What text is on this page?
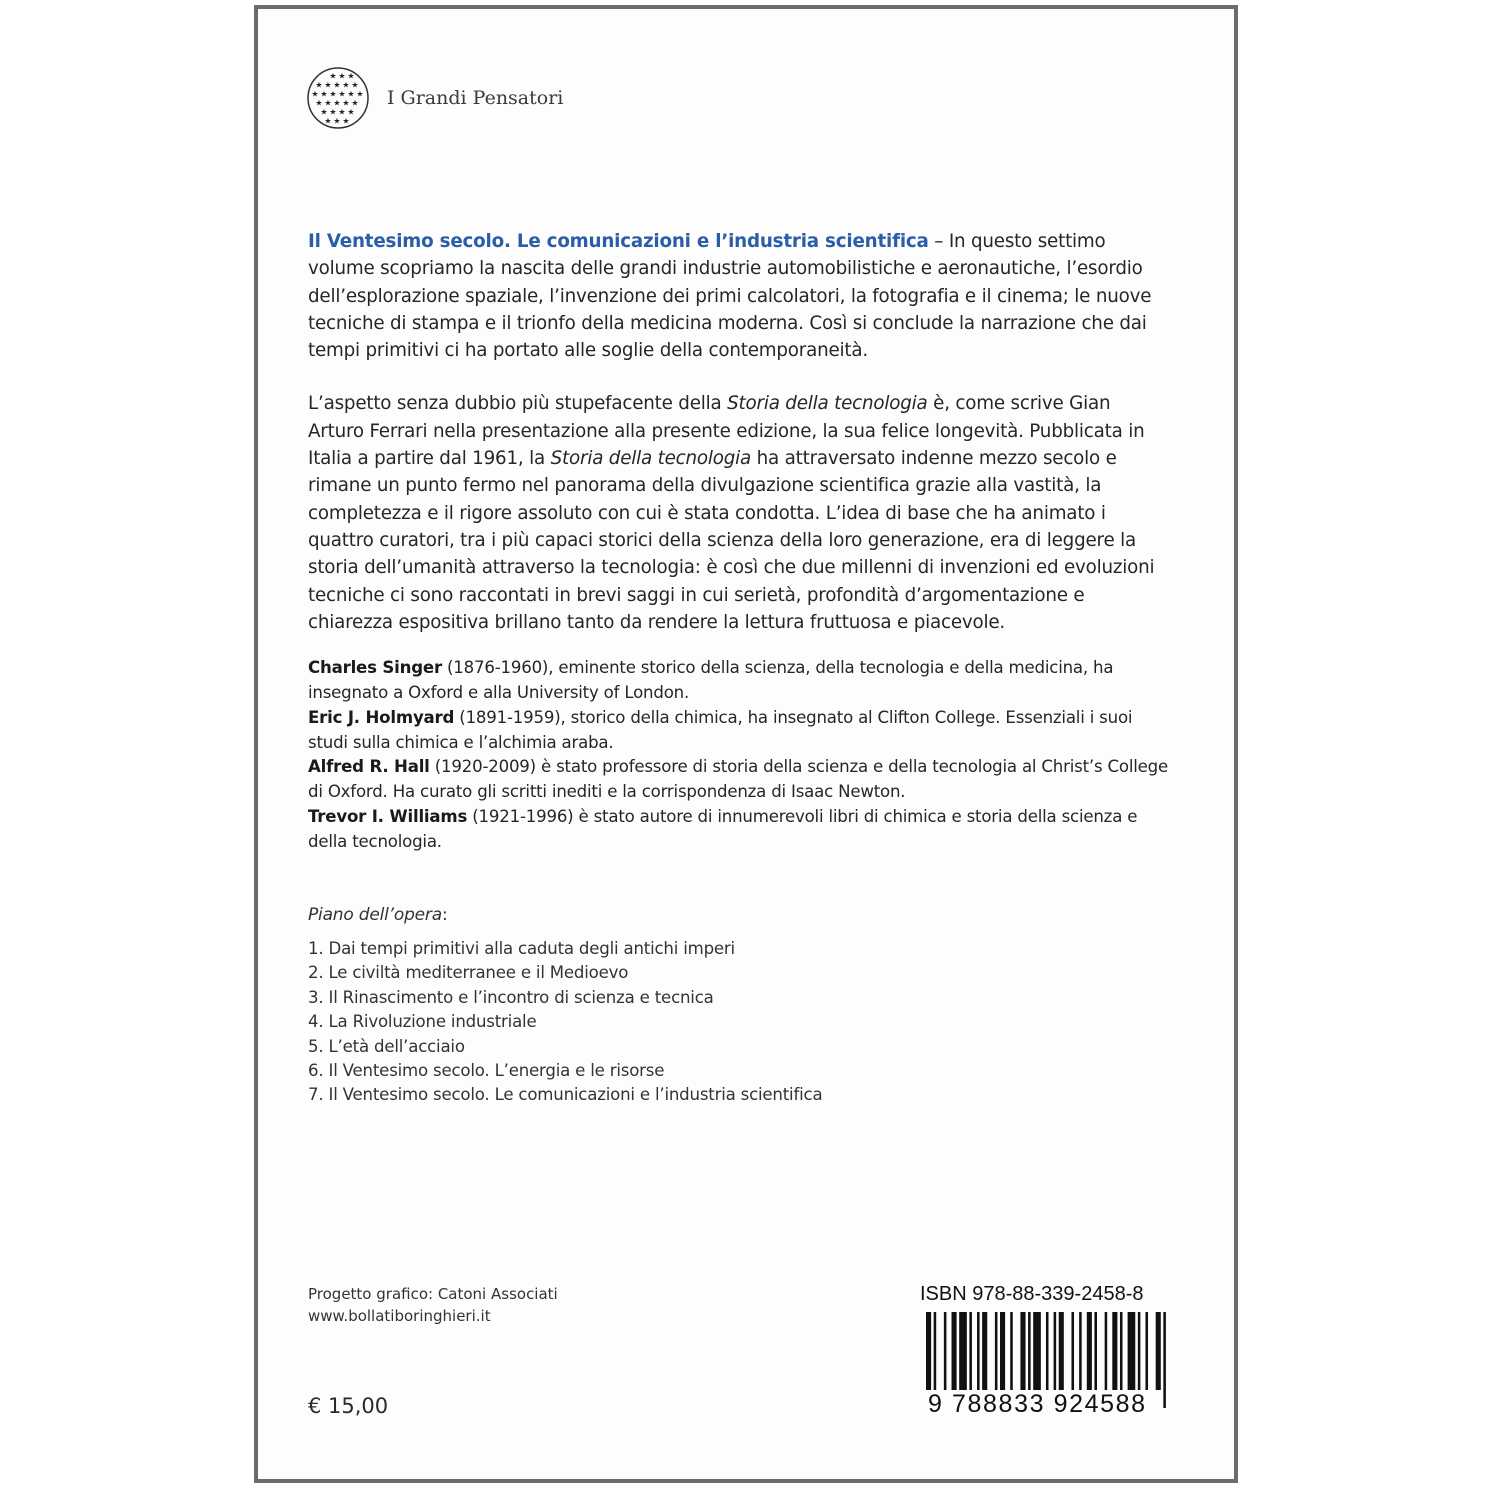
★ ★ ★
★ ★ ★ ★ ★
★ ★ ★ ★ ★ ★
★ ★ ★ ★ ★
★ ★ ★ ★
★ ★ ★
I Grandi Pensatori

Il Ventesimo secolo. Le comunicazioni e l’industria scientifica – In questo settimo volume scopriamo la nascita delle grandi industrie automobilistiche e aeronautiche, l’esordio dell’esplorazione spaziale, l’invenzione dei primi calcolatori, la fotografia e il cinema; le nuove tecniche di stampa e il trionfo della medicina moderna. Così si conclude la narrazione che dai tempi primitivi ci ha portato alle soglie della contemporaneità.

L’aspetto senza dubbio più stupefacente della Storia della tecnologia è, come scrive Gian Arturo Ferrari nella presentazione alla presente edizione, la sua felice longevità. Pubblicata in Italia a partire dal 1961, la Storia della tecnologia ha attraversato indenne mezzo secolo e rimane un punto fermo nel panorama della divulgazione scientifica grazie alla vastità, la completezza e il rigore assoluto con cui è stata condotta. L’idea di base che ha animato i quattro curatori, tra i più capaci storici della scienza della loro generazione, era di leggere la storia dell’umanità attraverso la tecnologia: è così che due millenni di invenzioni ed evoluzioni tecniche ci sono raccontati in brevi saggi in cui serietà, profondità d’argomentazione e chiarezza espositiva brillano tanto da rendere la lettura fruttuosa e piacevole.

Charles Singer (1876-1960), eminente storico della scienza, della tecnologia e della medicina, ha insegnato a Oxford e alla University of London.

Eric J. Holmyard (1891-1959), storico della chimica, ha insegnato al Clifton College. Essenziali i suoi studi sulla chimica e l’alchimia araba.

Alfred R. Hall (1920-2009) è stato professore di storia della scienza e della tecnologia al Christ’s College di Oxford. Ha curato gli scritti inediti e la corrispondenza di Isaac Newton.

Trevor I. Williams (1921-1996) è stato autore di innumerevoli libri di chimica e storia della scienza e della tecnologia.

Piano dell’opera:
1. Dai tempi primitivi alla caduta degli antichi imperi
2. Le civiltà mediterranee e il Medioevo
3. Il Rinascimento e l’incontro di scienza e tecnica
4. La Rivoluzione industriale
5. L’età dell’acciaio
6. Il Ventesimo secolo. L’energia e le risorse
7. Il Ventesimo secolo. Le comunicazioni e l’industria scientifica
Progetto grafico: Catoni Associati
www.bollatiboringhieri.it
€ 15,00
ISBN 978-88-339-2458-8
9 788833 924588
